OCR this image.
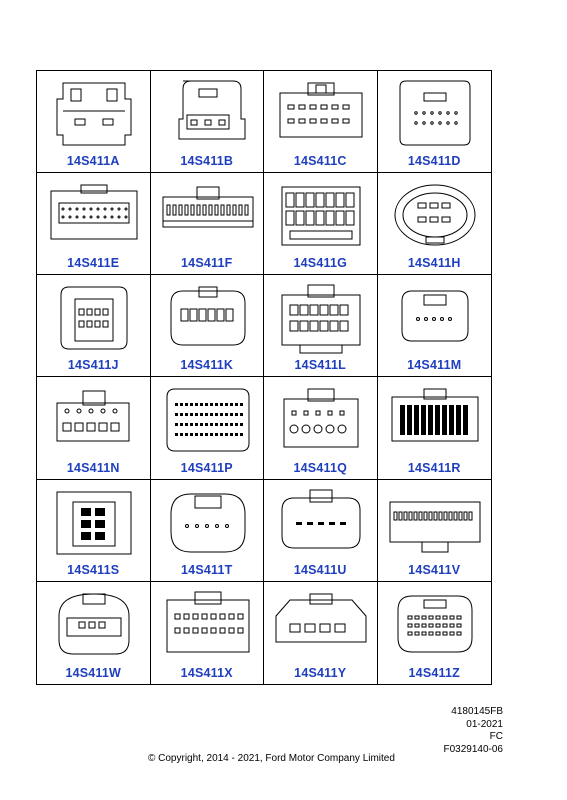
14S411A	14S411B	14S411C	14S411D
14S411E	14S411F	14S411G	14S411H
14S411J	14S411K	14S411L	14S411M
14S411N	14S411P	14S411Q	14S411R
14S411S	14S411T	14S411U	14S411V
14S411W	14S411X	14S411Y	14S411Z
4180145FB
01-2021
FC
F0329140-06
© Copyright, 2014 - 2021, Ford Motor Company Limited
